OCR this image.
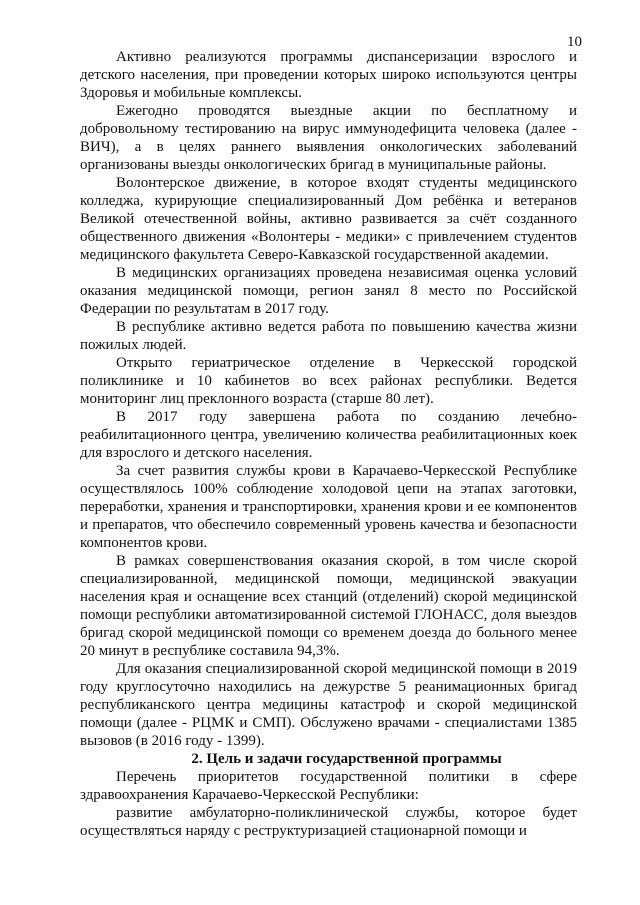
10

Активно реализуются программы диспансеризации взрослого и детского населения, при проведении которых широко используются центры Здоровья и мобильные комплексы.

Ежегодно проводятся выездные акции по бесплатному и добровольному тестированию на вирус иммунодефицита человека (далее - ВИЧ), а в целях раннего выявления онкологических заболеваний организованы выезды онкологических бригад в муниципальные районы.

Волонтерское движение, в которое входят студенты медицинского колледжа, курирующие специализированный Дом ребёнка и ветеранов Великой отечественной войны, активно развивается за счёт созданного общественного движения «Волонтеры - медики» с привлечением студентов медицинского факультета Северо-Кавказской государственной академии.

В медицинских организациях проведена независимая оценка условий оказания медицинской помощи, регион занял 8 место по Российской Федерации по результатам в 2017 году.

В республике активно ведется работа по повышению качества жизни пожилых людей.

Открыто гериатрическое отделение в Черкесской городской поликлинике и 10 кабинетов во всех районах республики. Ведется мониторинг лиц преклонного возраста (старше 80 лет).

В 2017 году завершена работа по созданию лечебно-реабилитационного центра, увеличению количества реабилитационных коек для взрослого и детского населения.

За счет развития службы крови в Карачаево-Черкесской Республике осуществлялось 100% соблюдение холодовой цепи на этапах заготовки, переработки, хранения и транспортировки, хранения крови и ее компонентов и препаратов, что обеспечило современный уровень качества и безопасности компонентов крови.

В рамках совершенствования оказания скорой, в том числе скорой специализированной, медицинской помощи, медицинской эвакуации населения края и оснащение всех станций (отделений) скорой медицинской помощи республики автоматизированной системой ГЛОНАСС, доля выездов бригад скорой медицинской помощи со временем доезда до больного менее 20 минут в республике составила 94,3%.

Для оказания специализированной скорой медицинской помощи в 2019 году круглосуточно находились на дежурстве 5 реанимационных бригад республиканского центра медицины катастроф и скорой медицинской помощи (далее - РЦМК и СМП). Обслужено врачами - специалистами 1385 вызовов (в 2016 году - 1399).

2. Цель и задачи государственной программы

Перечень приоритетов государственной политики в сфере здравоохранения Карачаево-Черкесской Республики:

развитие амбулаторно-поликлинической службы, которое будет осуществляться наряду с реструктуризацией стационарной помощи и
